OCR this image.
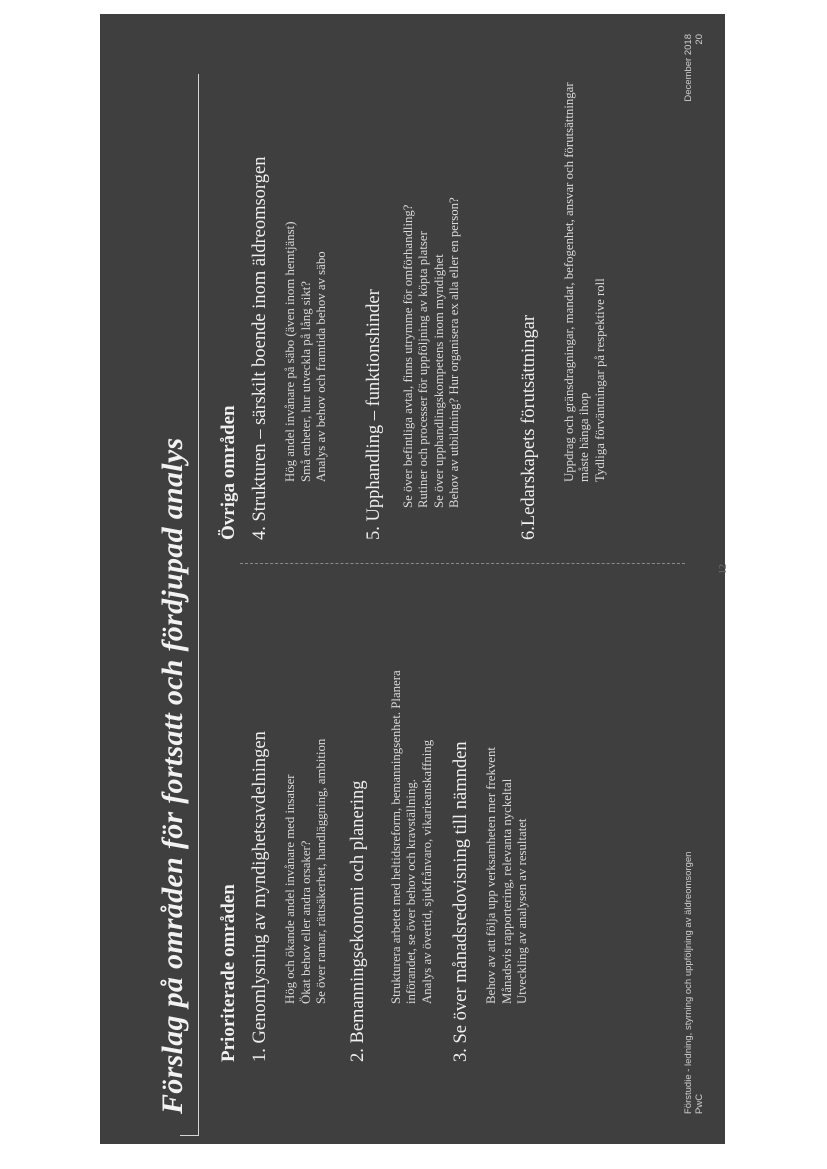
Förslag på områden för fortsatt och fördjupad analys Prioriterade områden 1. Genomlysning av myndighetsavdelningen Hög och ökande andel invånare med insatser Ökat behov eller andra orsaker? Se över ramar, rättsäkerhet, handläggning, ambition 2. Bemanningsekonomi och planering Strukturera arbetet med heltidsreform, bemanningsenhet. Planera införandet, se över behov och kravställning. Analys av övertid, sjukfrånvaro, vikarieanskaffning 3. Se över månadsredovisning till nämnden Behov av att följa upp verksamheten mer frekvent Månadsvis rapportering, relevanta nyckeltal Utveckling av analysen av resultatet
Övriga områden 4. Strukturen – särskilt boende inom äldreomsorgen Hög andel invånare på säbo (även inom hemtjänst) Små enheter, hur utveckla på lång sikt? Analys av behov och framtida behov av säbo 5. Upphandling – funktionshinder Se över befintliga avtal, finns utrymme för omförhandling? Rutiner och processer för uppföljning av köpta platser Se över upphandlingskompetens inom myndighet Behov av utbildning? Hur organisera ex alla eller en person?	6.Ledarskapets förutsättningar Uppdrag och gränsdragningar, mandat, befogenhet, ansvar och förutsättningar måste hänga ihop Tydliga förväntningar på respektive roll
12
Förstudie - ledning, styrning och uppföljning av äldreomsorgen PwC
December 2018 20
